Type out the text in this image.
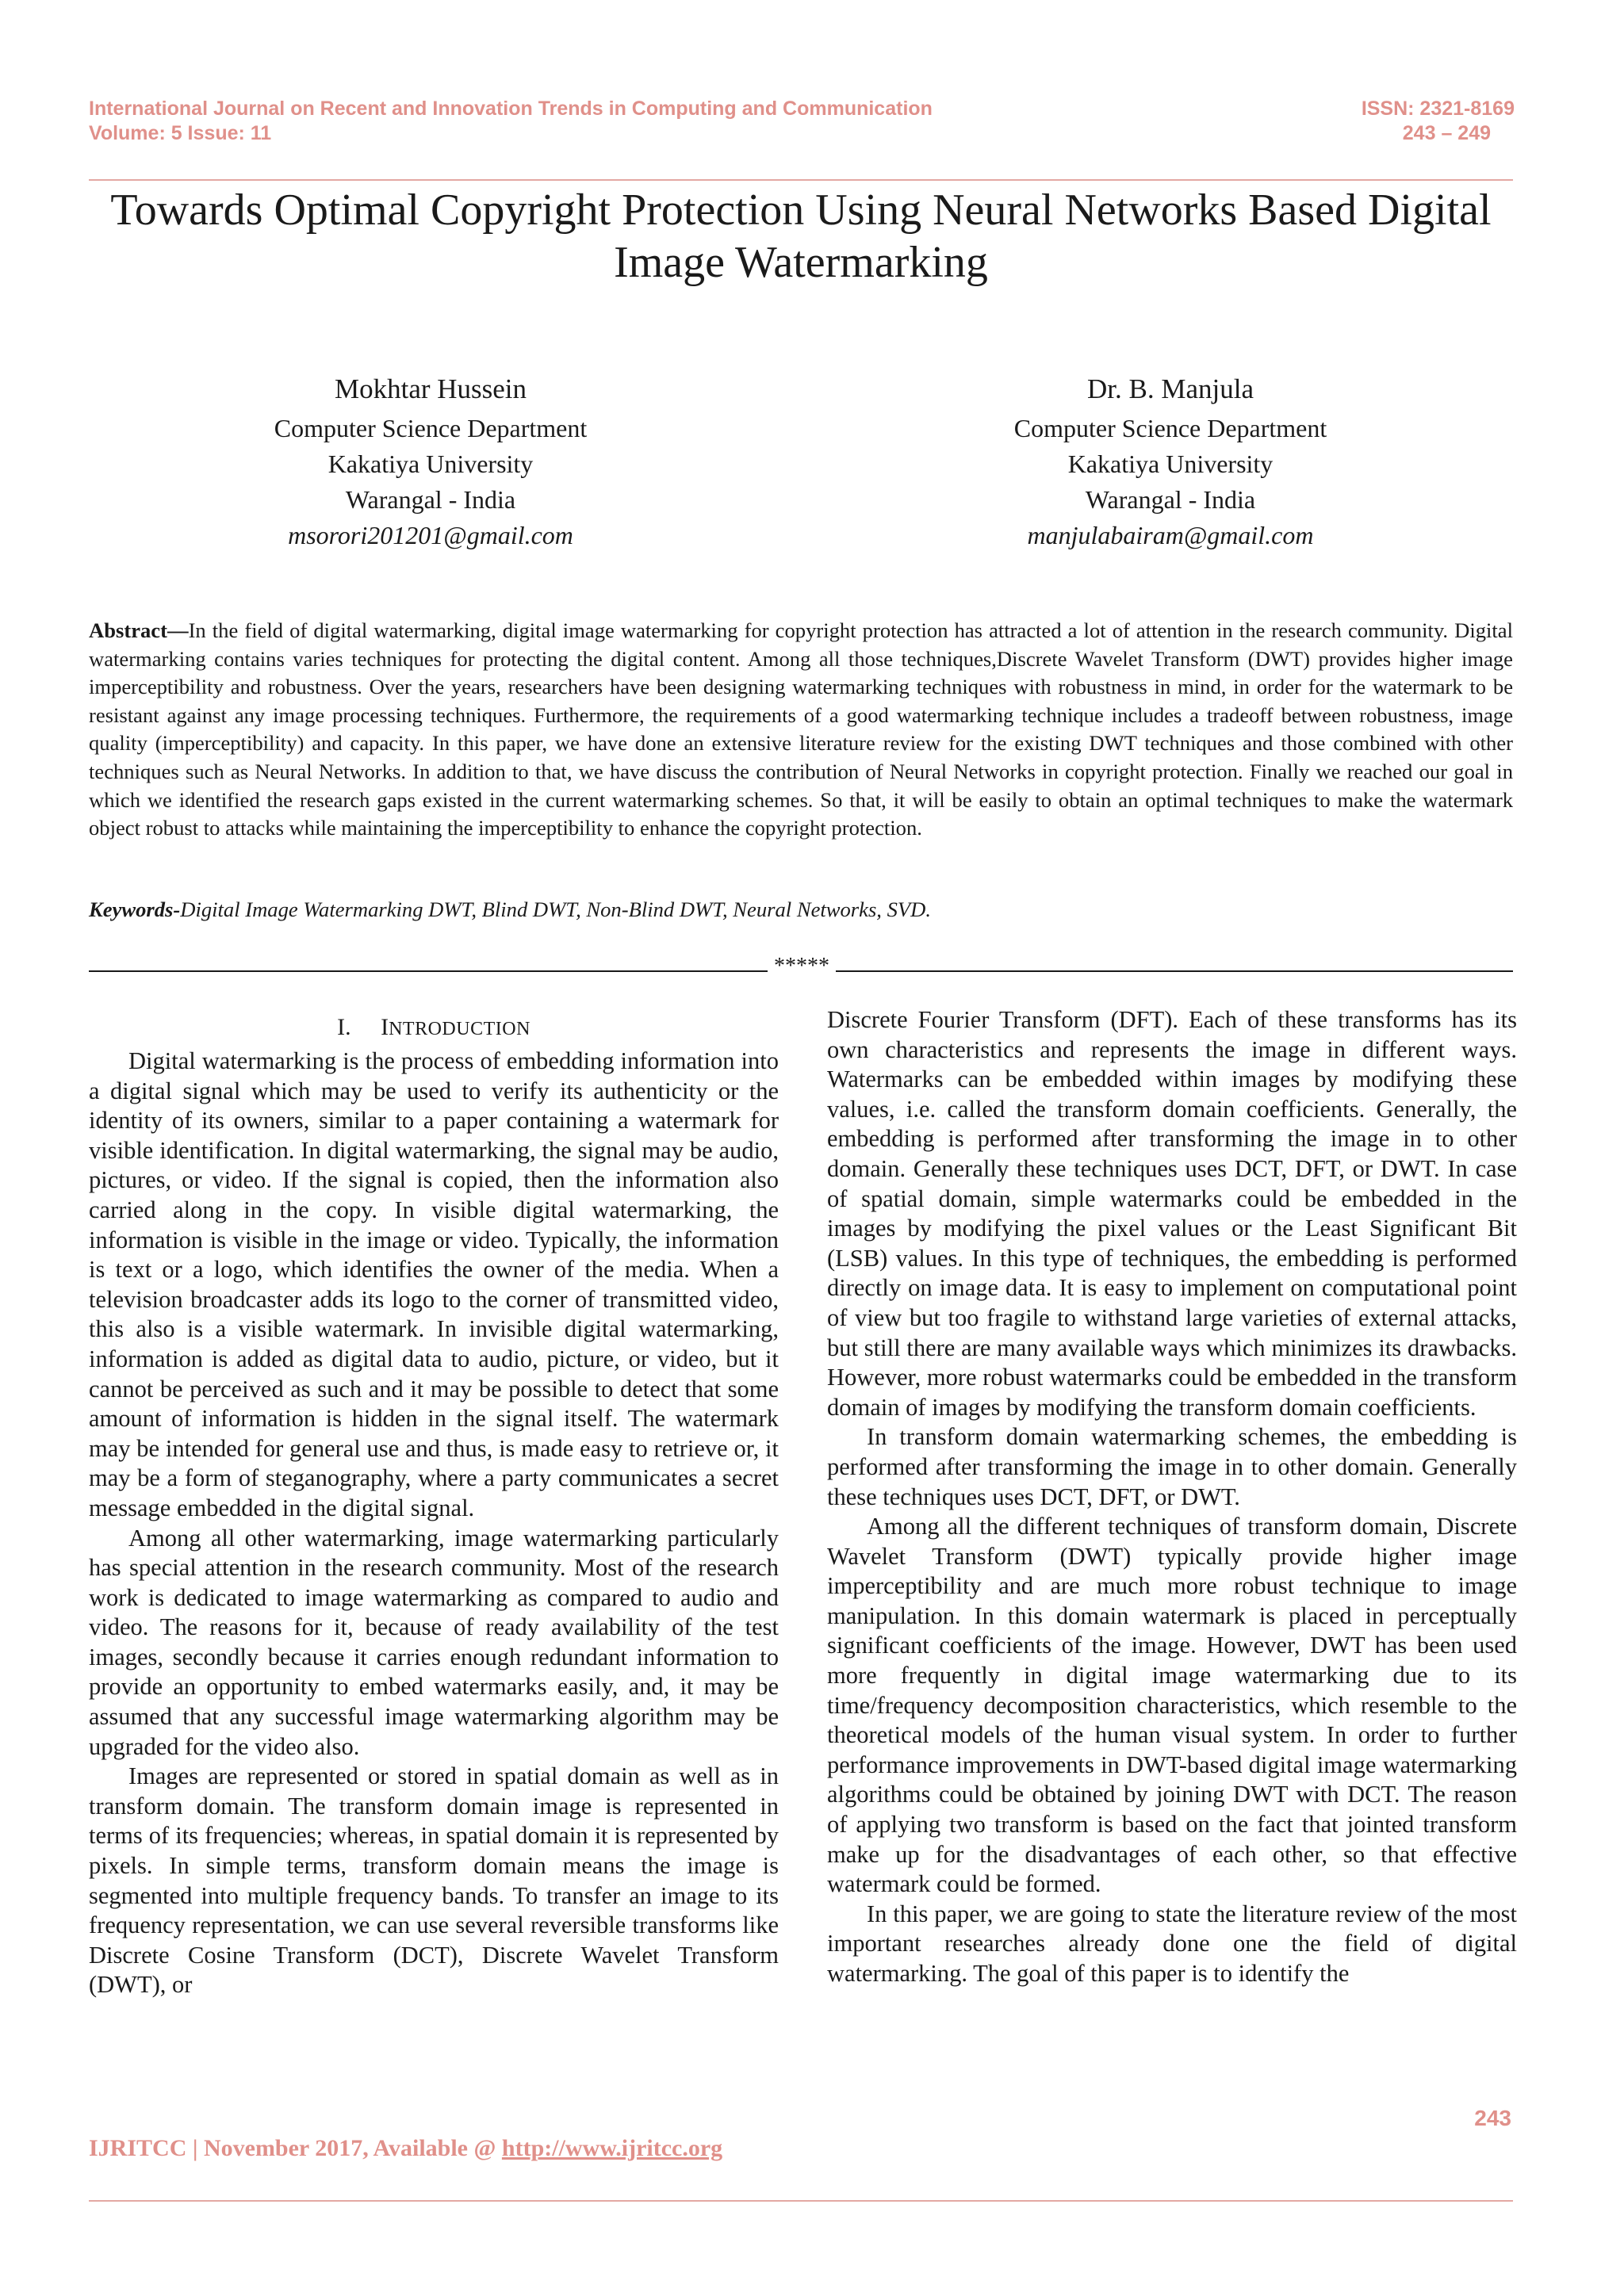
International Journal on Recent and Innovation Trends in Computing and Communication
Volume: 5 Issue: 11
ISSN: 2321-8169
243 – 249
Towards Optimal Copyright Protection Using Neural Networks Based Digital
Image Watermarking
Mokhtar Hussein
Computer Science Department
Kakatiya University
Warangal - India
msorori201201@gmail.com
Dr. B. Manjula
Computer Science Department
Kakatiya University
Warangal - India
manjulabairam@gmail.com
Abstract—In the field of digital watermarking, digital image watermarking for copyright protection has attracted a lot of attention in the research community. Digital watermarking contains varies techniques for protecting the digital content. Among all those techniques,Discrete Wavelet Transform (DWT) provides higher image imperceptibility and robustness. Over the years, researchers have been designing watermarking techniques with robustness in mind, in order for the watermark to be resistant against any image processing techniques. Furthermore, the requirements of a good watermarking technique includes a tradeoff between robustness, image quality (imperceptibility) and capacity. In this paper, we have done an extensive literature review for the existing DWT techniques and those combined with other techniques such as Neural Networks. In addition to that, we have discuss the contribution of Neural Networks in copyright protection. Finally we reached our goal in which we identified the research gaps existed in the current watermarking schemes. So that, it will be easily to obtain an optimal techniques to make the watermark object robust to attacks while maintaining the imperceptibility to enhance the copyright protection.
Keywords-Digital Image Watermarking DWT, Blind DWT, Non-Blind DWT, Neural Networks, SVD.
*****
I. INTRODUCTION

Digital watermarking is the process of embedding information into a digital signal which may be used to verify its authenticity or the identity of its owners, similar to a paper containing a watermark for visible identification. In digital watermarking, the signal may be audio, pictures, or video. If the signal is copied, then the information also carried along in the copy. In visible digital watermarking, the information is visible in the image or video. Typically, the information is text or a logo, which identifies the owner of the media. When a television broadcaster adds its logo to the corner of transmitted video, this also is a visible watermark. In invisible digital watermarking, information is added as digital data to audio, picture, or video, but it cannot be perceived as such and it may be possible to detect that some amount of information is hidden in the signal itself. The watermark may be intended for general use and thus, is made easy to retrieve or, it may be a form of steganography, where a party communicates a secret message embedded in the digital signal.

Among all other watermarking, image watermarking particularly has special attention in the research community. Most of the research work is dedicated to image watermarking as compared to audio and video. The reasons for it, because of ready availability of the test images, secondly because it carries enough redundant information to provide an opportunity to embed watermarks easily, and, it may be assumed that any successful image watermarking algorithm may be upgraded for the video also.

Images are represented or stored in spatial domain as well as in transform domain. The transform domain image is represented in terms of its frequencies; whereas, in spatial domain it is represented by pixels. In simple terms, transform domain means the image is segmented into multiple frequency bands. To transfer an image to its frequency representation, we can use several reversible transforms like Discrete Cosine Transform (DCT), Discrete Wavelet Transform (DWT), or

Discrete Fourier Transform (DFT). Each of these transforms has its own characteristics and represents the image in different ways. Watermarks can be embedded within images by modifying these values, i.e. called the transform domain coefficients. Generally, the embedding is performed after transforming the image in to other domain. Generally these techniques uses DCT, DFT, or DWT. In case of spatial domain, simple watermarks could be embedded in the images by modifying the pixel values or the Least Significant Bit (LSB) values. In this type of techniques, the embedding is performed directly on image data. It is easy to implement on computational point of view but too fragile to withstand large varieties of external attacks, but still there are many available ways which minimizes its drawbacks. However, more robust watermarks could be embedded in the transform domain of images by modifying the transform domain coefficients.

In transform domain watermarking schemes, the embedding is performed after transforming the image in to other domain. Generally these techniques uses DCT, DFT, or DWT.

Among all the different techniques of transform domain, Discrete Wavelet Transform (DWT) typically provide higher image imperceptibility and are much more robust technique to image manipulation. In this domain watermark is placed in perceptually significant coefficients of the image. However, DWT has been used more frequently in digital image watermarking due to its time/frequency decomposition characteristics, which resemble to the theoretical models of the human visual system. In order to further performance improvements in DWT-based digital image watermarking algorithms could be obtained by joining DWT with DCT. The reason of applying two transform is based on the fact that jointed transform make up for the disadvantages of each other, so that effective watermark could be formed.

In this paper, we are going to state the literature review of the most important researches already done one the field of digital watermarking. The goal of this paper is to identify the

243
IJRITCC | November 2017, Available @ http://www.ijritcc.org
